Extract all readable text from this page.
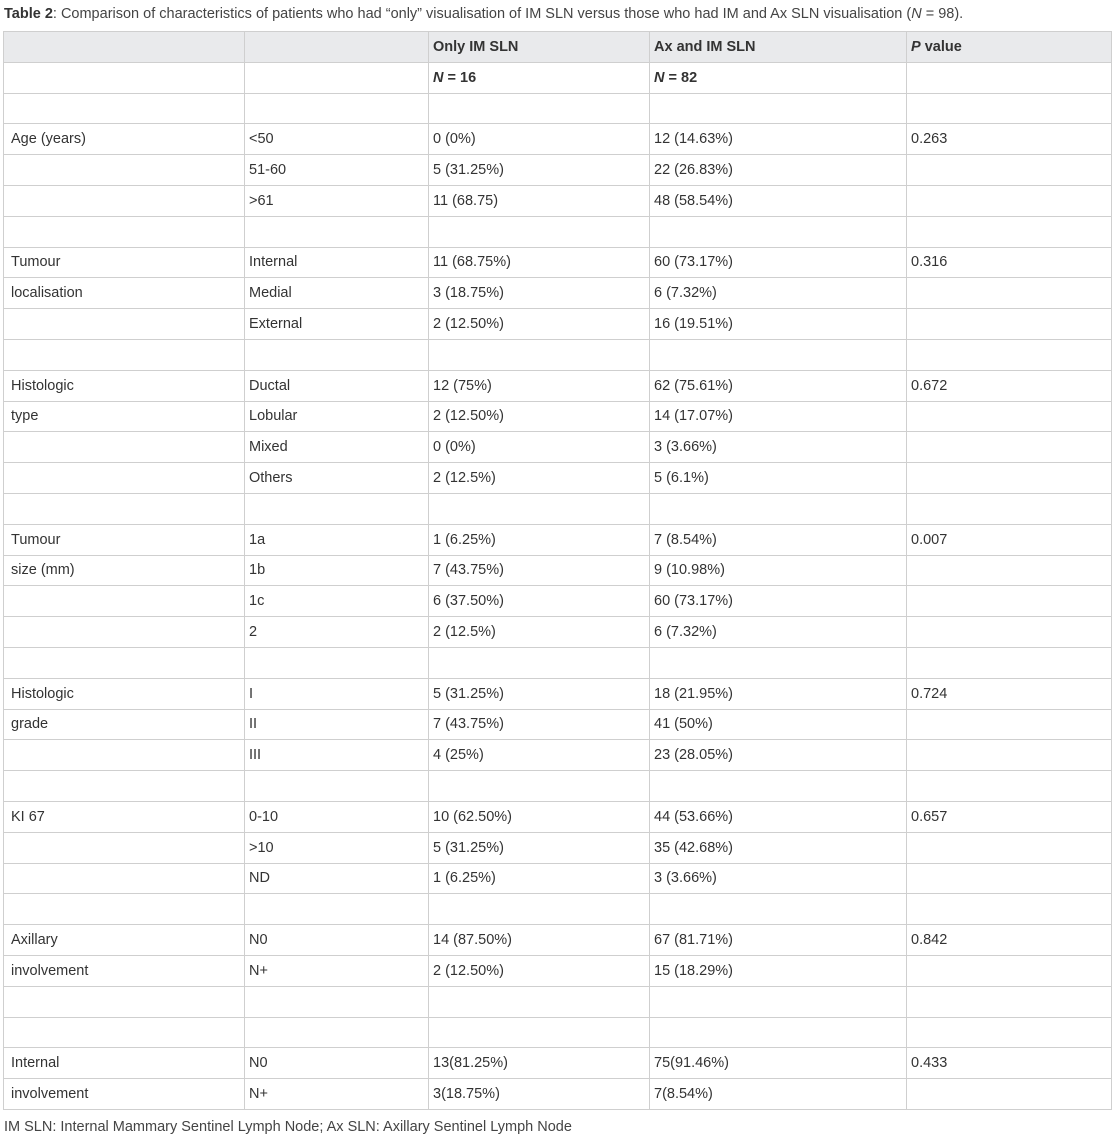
Table 2: Comparison of characteristics of patients who had “only” visualisation of IM SLN versus those who had IM and Ax SLN visualisation (N = 98).
		Only IM SLN	Ax and IM SLN	P value
		N = 16	N = 82	

Age (years)	<50	0 (0%)	12 (14.63%)	0.263
	51-60	5 (31.25%)	22 (26.83%)	
	>61	11 (68.75)	48 (58.54%)	

Tumour	Internal	11 (68.75%)	60 (73.17%)	0.316
localisation	Medial	3 (18.75%)	6 (7.32%)	
	External	2 (12.50%)	16 (19.51%)	

Histologic	Ductal	12 (75%)	62 (75.61%)	0.672
type	Lobular	2 (12.50%)	14 (17.07%)	
	Mixed	0 (0%)	3 (3.66%)	
	Others	2 (12.5%)	5 (6.1%)	

Tumour	1a	1 (6.25%)	7 (8.54%)	0.007
size (mm)	1b	7 (43.75%)	9 (10.98%)	
	1c	6 (37.50%)	60 (73.17%)	
	2	2 (12.5%)	6 (7.32%)	

Histologic	I	5 (31.25%)	18 (21.95%)	0.724
grade	II	7 (43.75%)	41 (50%)	
	III	4 (25%)	23 (28.05%)	

KI 67	0-10	10 (62.50%)	44 (53.66%)	0.657
	>10	5 (31.25%)	35 (42.68%)	
	ND	1 (6.25%)	3 (3.66%)	

Axillary	N0	14 (87.50%)	67 (81.71%)	0.842
involvement	N+	2 (12.50%)	15 (18.29%)	

Internal	N0	13(81.25%)	75(91.46%)	0.433
involvement	N+	3(18.75%)	7(8.54%)	
IM SLN: Internal Mammary Sentinel Lymph Node; Ax SLN: Axillary Sentinel Lymph Node
